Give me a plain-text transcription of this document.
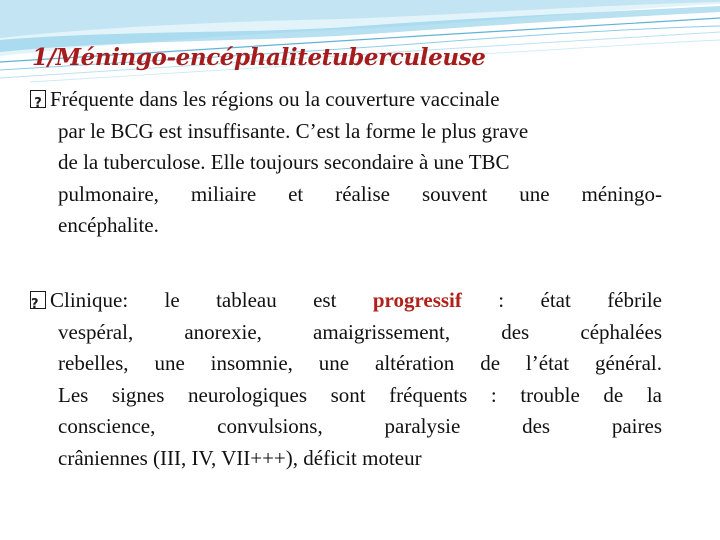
1/Méningo-encéphalitetuberculeuse
?Fréquente dans les régions ou la couverture vaccinale
par le BCG est insuffisante. C’est la forme le plus grave
de la tuberculose. Elle toujours secondaire à une TBC
pulmonaire, miliaire et réalise souvent une méningo-
encéphalite.
?Clinique: le tableau est progressif : état fébrile
vespéral, anorexie, amaigrissement, des céphalées
rebelles, une insomnie, une altération de l’état général.
Les signes neurologiques sont fréquents : trouble de la
conscience, convulsions, paralysie des paires
crâniennes (III, IV, VII+++), déficit moteur
